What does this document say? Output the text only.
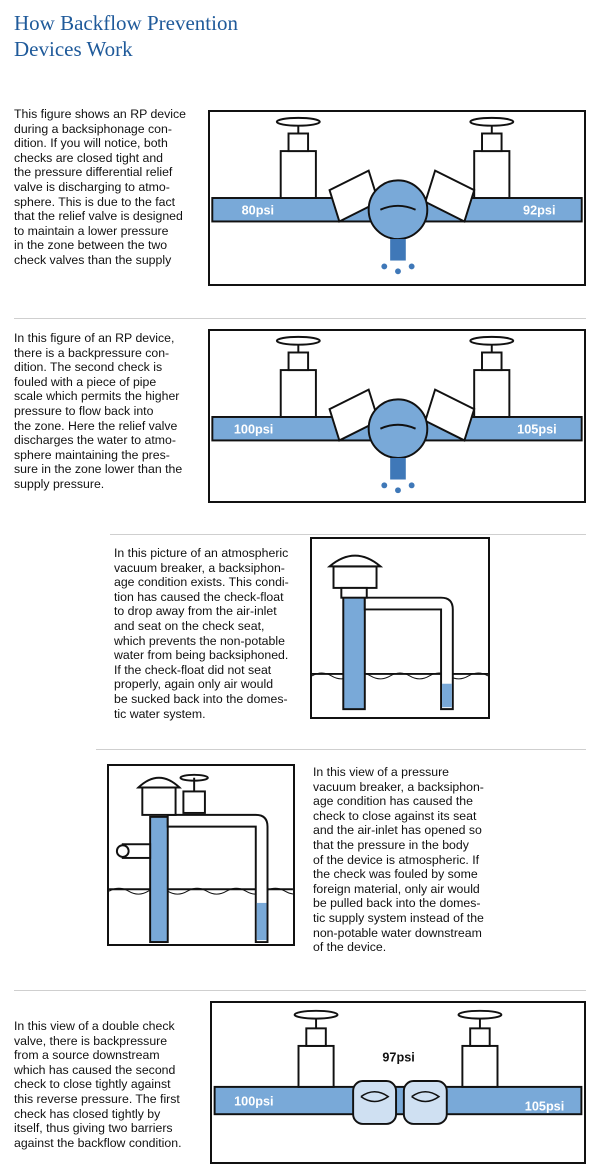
How Backflow Prevention
Devices Work
This figure shows an RP device
during a backsiphonage con-
dition. If you will notice, both
checks are closed tight and
the pressure differential relief
valve is discharging to atmo-
sphere. This is due to the fact
that the relief valve is designed
to maintain a lower pressure
in the zone between the two
check valves than the supply
80psi	92psi
In this figure of an RP device,
there is a backpressure con-
dition. The second check is
fouled with a piece of pipe
scale which permits the higher
pressure to flow back into
the zone. Here the relief valve
discharges the water to atmo-
sphere maintaining the pres-
sure in the zone lower than the
supply pressure.
100psi	105psi
In this picture of an atmospheric
vacuum breaker, a backsiphon-
age condition exists. This condi-
tion has caused the check-float
to drop away from the air-inlet
and seat on the check seat,
which prevents the non-potable
water from being backsiphoned.
If the check-float did not seat
properly, again only air would
be sucked back into the domes-
tic water system.
In this view of a pressure
vacuum breaker, a backsiphon-
age condition has caused the
check to close against its seat
and the air-inlet has opened so
that the pressure in the body
of the device is atmospheric. If
the check was fouled by some
foreign material, only air would
be pulled back into the domes-
tic supply system instead of the
non-potable water downstream
of the device.
In this view of a double check
valve, there is backpressure
from a source downstream
which has caused the second
check to close tightly against
this reverse pressure. The first
check has closed tightly by
itself, thus giving two barriers
against the backflow condition.
100psi
97psi
105psi
